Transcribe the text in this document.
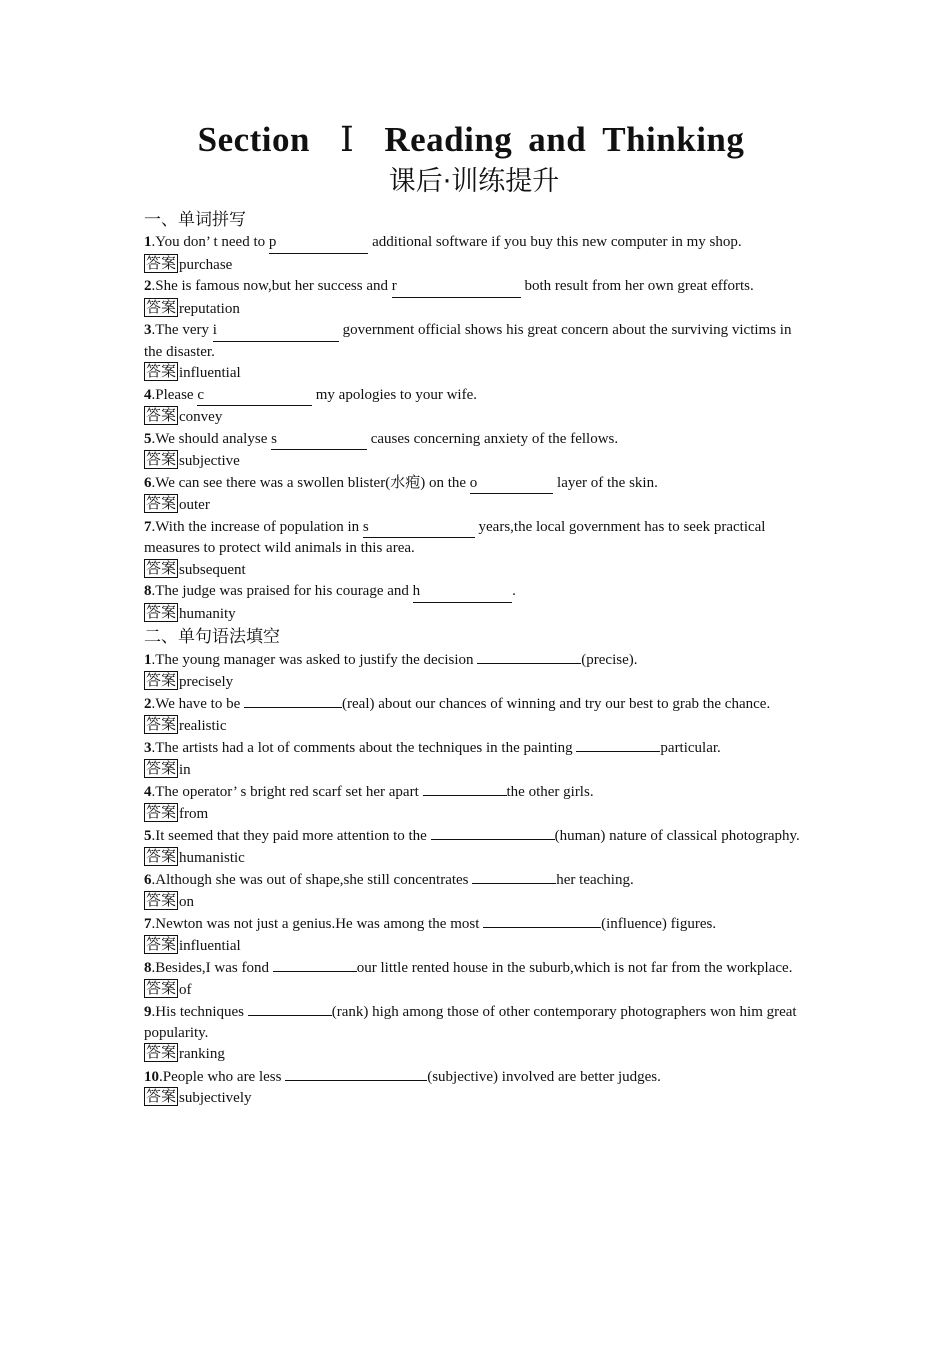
Section Ⅰ Reading and Thinking
课后·训练提升
一、单词拼写

1.You don’ t need to p	additional software if you buy this new computer in my shop.

答案 purchase

2.She is famous now,but her success and r	both result from her own great efforts.

答案 reputation

3.The very i	government official shows his great concern about the surviving victims in the disaster.

答案 influential

4.Please c	my apologies to your wife.

答案 convey

5.We should analyse s	causes concerning anxiety of the fellows.

答案 subjective

6.We can see there was a swollen blister(水疱) on the o	layer of the skin.

答案 outer

7.With the increase of population in s	years,the local government has to seek practical measures to protect wild animals in this area.

答案 subsequent

8.The judge was praised for his courage and h	.

答案 humanity

二、单句语法填空

1.The young manager was asked to justify the decision	(precise).

答案 precisely

2.We have to be	(real) about our chances of winning and try our best to grab the chance.

答案 realistic

3.The artists had a lot of comments about the techniques in the painting	particular.

答案 in

4.The operator’ s bright red scarf set her apart	the other girls.

答案 from

5.It seemed that they paid more attention to the	(human) nature of classical photography.

答案 humanistic

6.Although she was out of shape,she still concentrates	her teaching.

答案 on

7.Newton was not just a genius.He was among the most	(influence) figures.

答案 influential

8.Besides,I was fond	our little rented house in the suburb,which is not far from the workplace.

答案 of

9.His techniques	(rank) high among those of other contemporary photographers won him great popularity.

答案 ranking

10.People who are less	(subjective) involved are better judges.

答案 subjectively
